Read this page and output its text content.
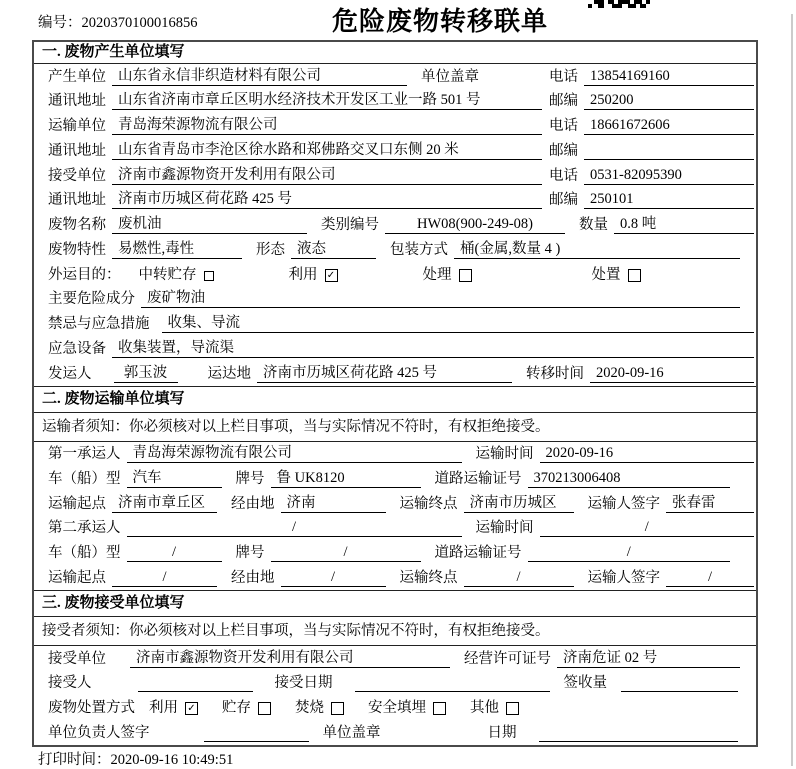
编号：2020370100016856	危险废物转移联单
一. 废物产生单位填写
产生单位 山东省永信非织造材料有限公司	单位盖章	电话 13854169160
通讯地址 山东省济南市章丘区明水经济技术开发区工业一路 501 号	邮编 250200
运输单位 青岛海荣源物流有限公司	电话 18661672606
通讯地址 山东省青岛市李沧区徐水路和郑佛路交叉口东侧 20 米	邮编
接受单位 济南市鑫源物资开发利用有限公司	电话 0531-82095390
通讯地址 济南市历城区荷花路 425 号	邮编 250101
废物名称 废机油	类别编号	HW08(900-249-08)	数量 0.8 吨
废物特性 易燃性,毒性	形态 液态	包装方式 桶(金属,数量 4 )
外运目的：	中转贮存	利用 ✓	处理	处置
主要危险成分 废矿物油
禁忌与应急措施	收集、导流
应急设备 收集装置，导流渠
发运人	郭玉波	运达地 济南市历城区荷花路 425 号	转移时间 2020-09-16
二. 废物运输单位填写
运输者须知：你必须核对以上栏目事项，当与实际情况不符时，有权拒绝接受。
第一承运人 青岛海荣源物流有限公司	运输时间 2020-09-16
车（船）型 汽车	牌号 鲁 UK8120	道路运输证号 370213006408
运输起点 济南市章丘区	经由地 济南	运输终点 济南市历城区	运输人签字 张春雷
第二承运人	/	运输时间	/
车（船）型	/	牌号	/	道路运输证号	/
运输起点	/	经由地	/	运输终点	/	运输人签字	/
三. 废物接受单位填写
接受者须知：你必须核对以上栏目事项，当与实际情况不符时，有权拒绝接受。
接受单位	济南市鑫源物资开发利用有限公司	经营许可证号 济南危证 02 号
接受人	接受日期	签收量
废物处置方式 利用 ✓ 贮存	焚烧	安全填埋	其他
单位负责人签字	单位盖章	日期
打印时间：2020-09-16 10:49:51
